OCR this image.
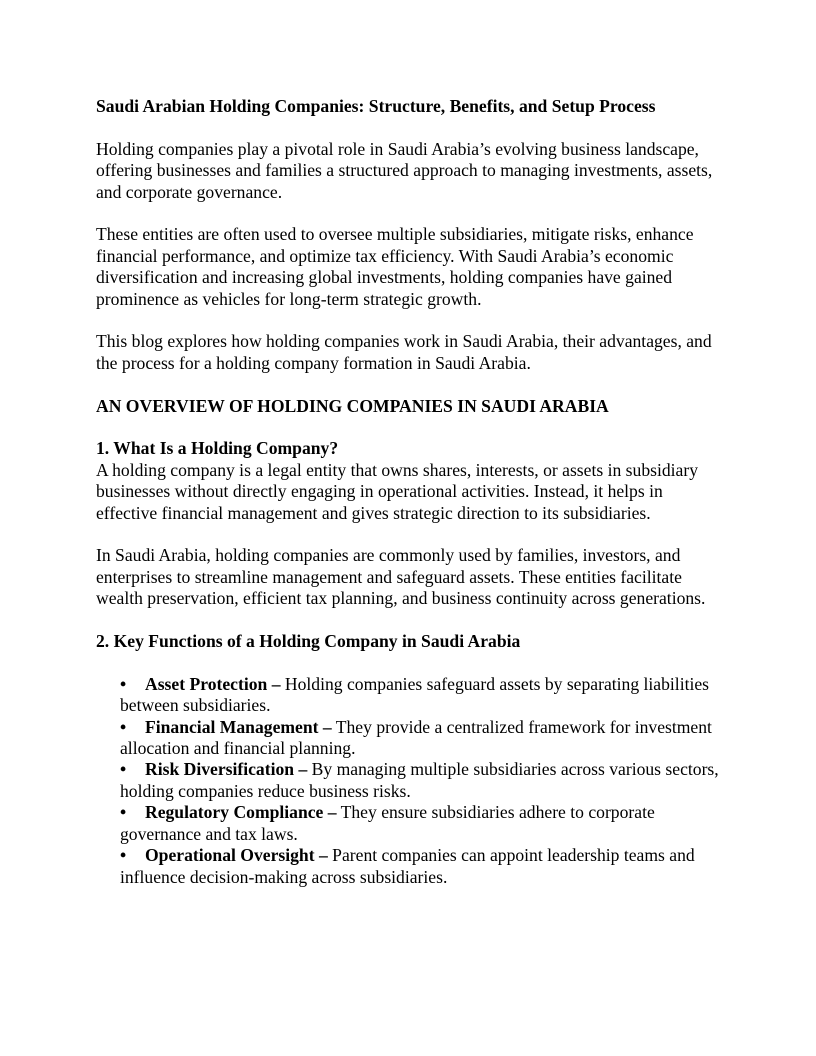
Saudi Arabian Holding Companies: Structure, Benefits, and Setup Process

Holding companies play a pivotal role in Saudi Arabia’s evolving business landscape, offering businesses and families a structured approach to managing investments, assets, and corporate governance.

These entities are often used to oversee multiple subsidiaries, mitigate risks, enhance financial performance, and optimize tax efficiency. With Saudi Arabia’s economic diversification and increasing global investments, holding companies have gained prominence as vehicles for long-term strategic growth.

This blog explores how holding companies work in Saudi Arabia, their advantages, and the process for a holding company formation in Saudi Arabia.

AN OVERVIEW OF HOLDING COMPANIES IN SAUDI ARABIA

1. What Is a Holding Company?

A holding company is a legal entity that owns shares, interests, or assets in subsidiary businesses without directly engaging in operational activities. Instead, it helps in effective financial management and gives strategic direction to its subsidiaries.

In Saudi Arabia, holding companies are commonly used by families, investors, and enterprises to streamline management and safeguard assets. These entities facilitate wealth preservation, efficient tax planning, and business continuity across generations.

2. Key Functions of a Holding Company in Saudi Arabia

• Asset Protection – Holding companies safeguard assets by separating liabilities between subsidiaries.
• Financial Management – They provide a centralized framework for investment allocation and financial planning.
• Risk Diversification – By managing multiple subsidiaries across various sectors, holding companies reduce business risks.
• Regulatory Compliance – They ensure subsidiaries adhere to corporate governance and tax laws.
• Operational Oversight – Parent companies can appoint leadership teams and influence decision-making across subsidiaries.
